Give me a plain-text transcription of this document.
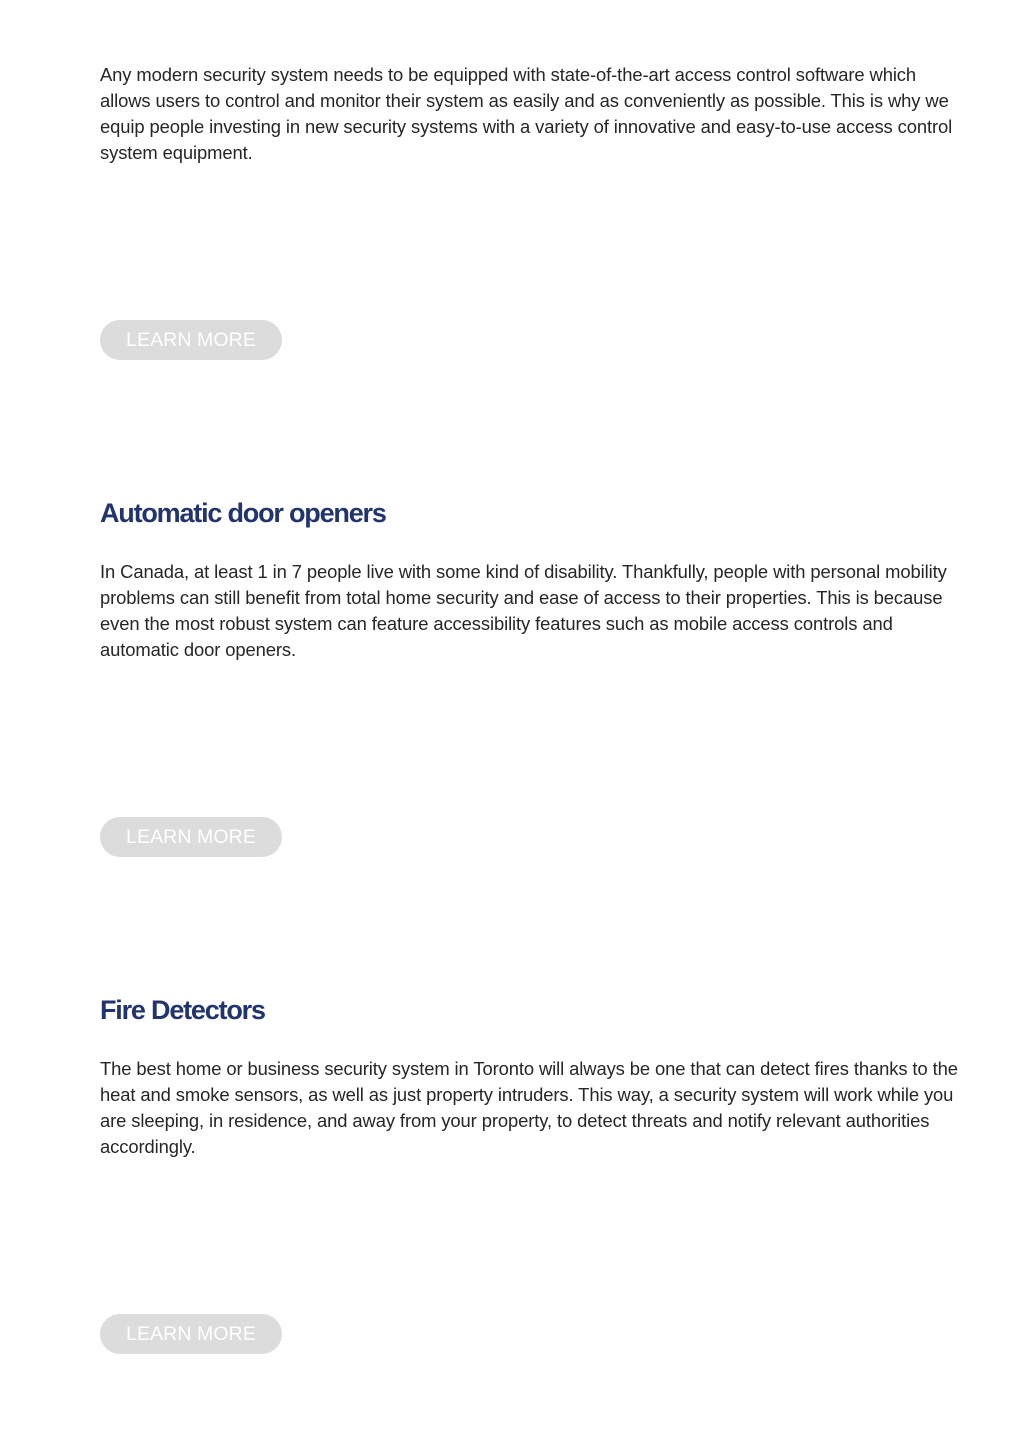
Any modern security system needs to be equipped with state-of-the-art access control software which allows users to control and monitor their system as easily and as conveniently as possible. This is why we equip people investing in new security systems with a variety of innovative and easy-to-use access control system equipment.

LEARN MORE
Automatic door openers

In Canada, at least 1 in 7 people live with some kind of disability. Thankfully, people with personal mobility problems can still benefit from total home security and ease of access to their properties. This is because even the most robust system can feature accessibility features such as mobile access controls and automatic door openers.

LEARN MORE
Fire Detectors

The best home or business security system in Toronto will always be one that can detect fires thanks to the heat and smoke sensors, as well as just property intruders. This way, a security system will work while you are sleeping, in residence, and away from your property, to detect threats and notify relevant authorities accordingly.

LEARN MORE
